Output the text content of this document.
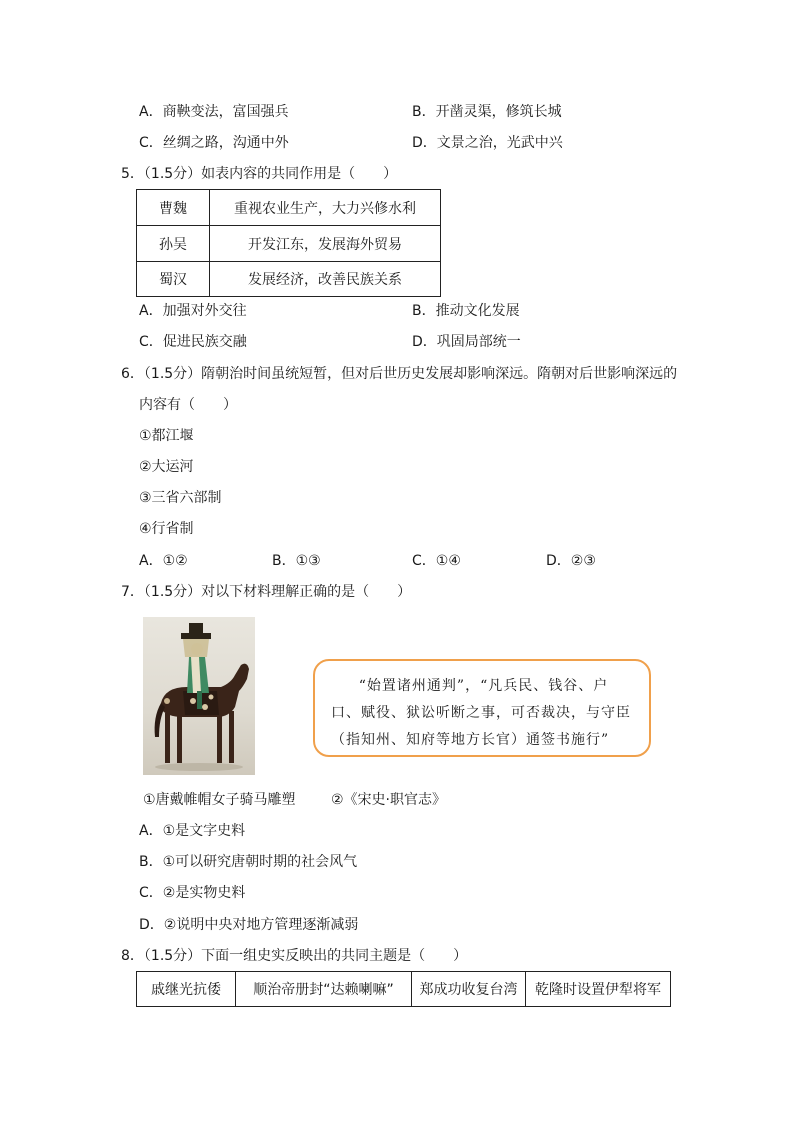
A．商鞅变法，富国强兵	B．开凿灵渠，修筑长城
C．丝绸之路，沟通中外	D．文景之治，光武中兴
5．（1.5分）如表内容的共同作用是（　　）
曹魏	重视农业生产，大力兴修水利
孙吴	开发江东，发展海外贸易
蜀汉	发展经济，改善民族关系
A．加强对外交往	B．推动文化发展
C．促进民族交融	D．巩固局部统一
6．（1.5分）隋朝治时间虽统短暂，但对后世历史发展却影响深远。隋朝对后世影响深远的
内容有（　　）
①都江堰
②大运河
③三省六部制
④行省制
A．①②	B．①③	C．①④	D．②③
7．（1.5分）对以下材料理解正确的是（　　）
“始置诸州通判”，“凡兵民、钱谷、户
口、赋役、狱讼听断之事，可否裁决，与守臣
（指知州、知府等地方长官）通签书施行”
①唐戴帷帽女子骑马雕塑	②《宋史·职官志》
A．①是文字史料
B．①可以研究唐朝时期的社会风气
C．②是实物史料
D．②说明中央对地方管理逐渐减弱
8．（1.5分）下面一组史实反映出的共同主题是（　　）
戚继光抗倭	顺治帝册封“达赖喇嘛”	郑成功收复台湾	乾隆时设置伊犁将军
